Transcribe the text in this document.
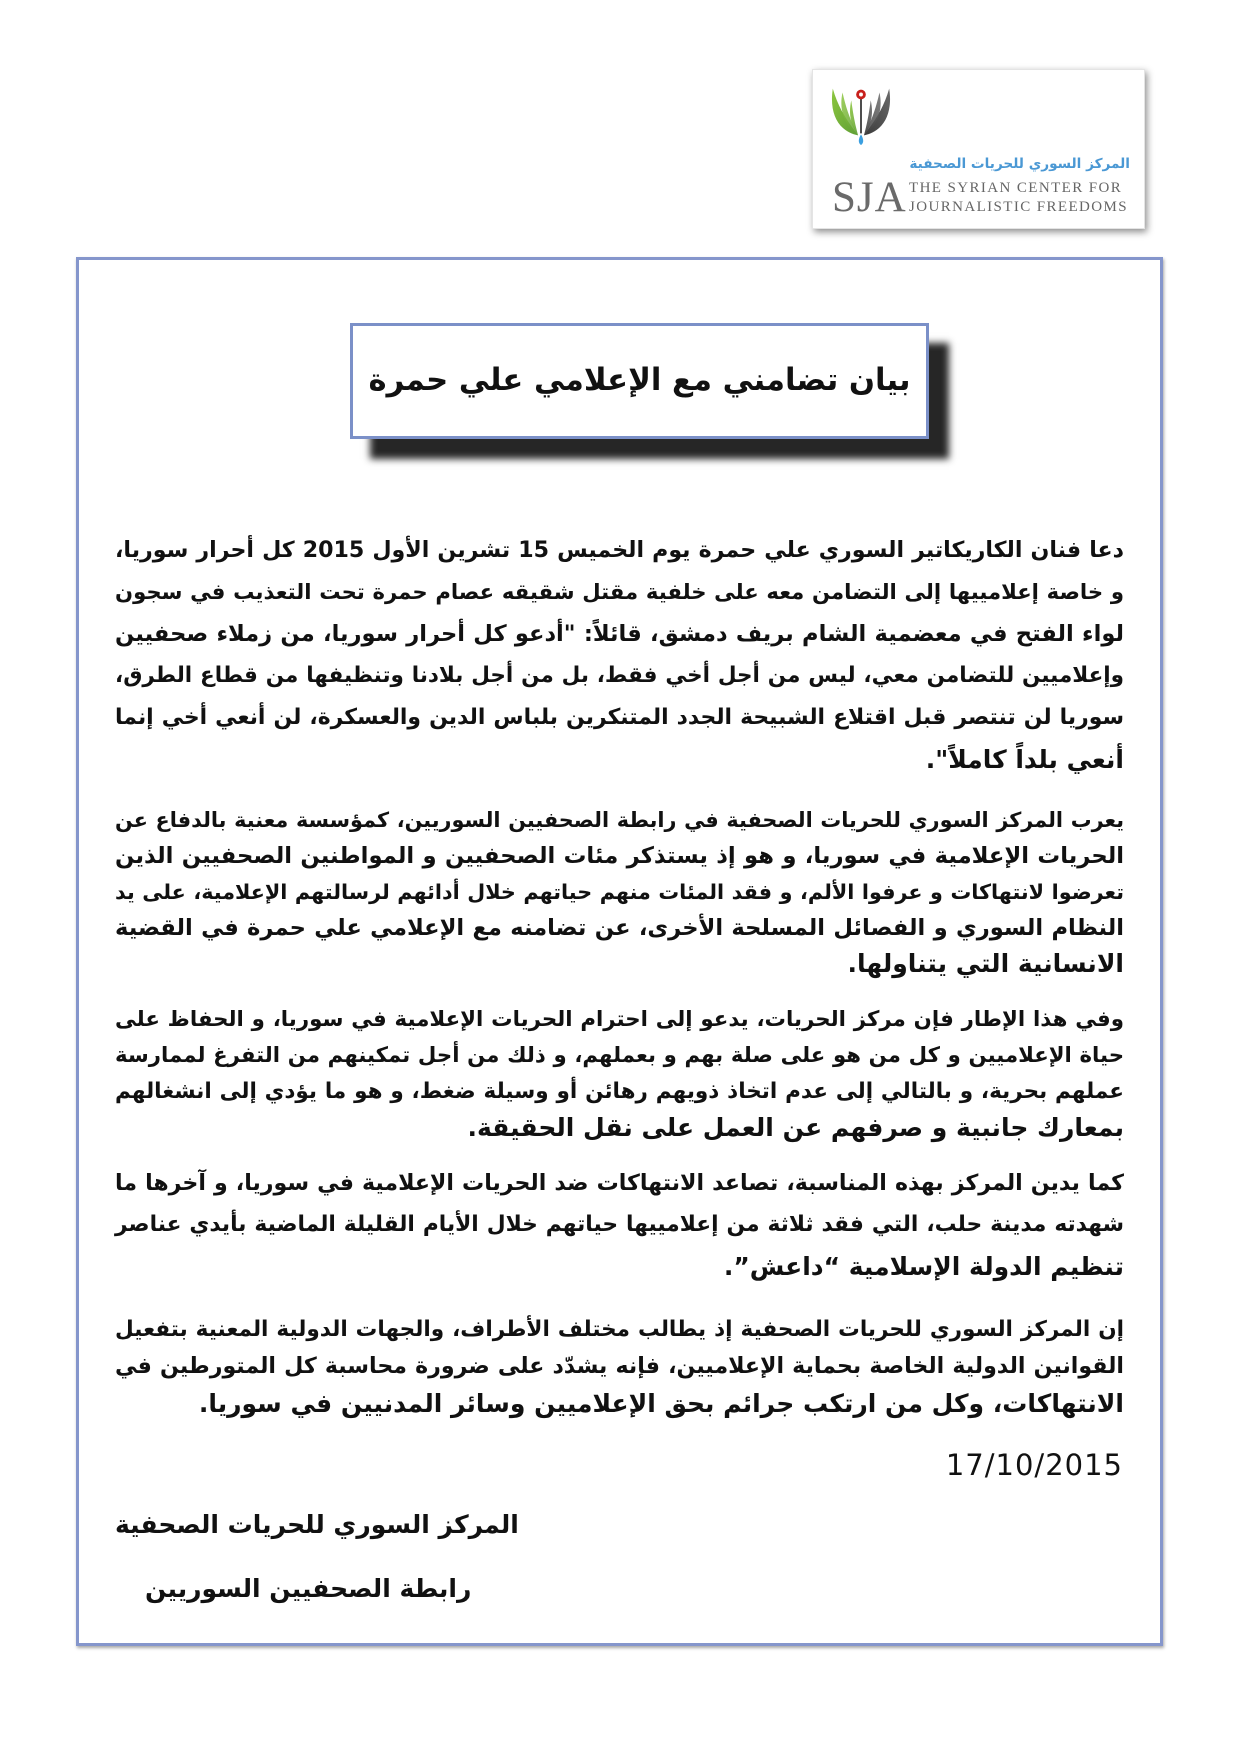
المركز السوري للحريات الصحفية
SJA THE SYRIAN CENTER FOR
JOURNALISTIC FREEDOMS
بيان تضامني مع الإعلامي علي حمرة
دعا فنان الكاريكاتير السوري علي حمرة يوم الخميس 15 تشرين الأول 2015 كل أحرار سوريا،
و خاصة إعلامييها إلى التضامن معه على خلفية مقتل شقيقه عصام حمرة تحت التعذيب في سجون
لواء الفتح في معضمية الشام بريف دمشق، قائلاً: "أدعو كل أحرار سوريا، من زملاء صحفيين
وإعلاميين للتضامن معي، ليس من أجل أخي فقط، بل من أجل بلادنا وتنظيفها من قطاع الطرق،
سوريا لن تنتصر قبل اقتلاع الشبيحة الجدد المتنكرين بلباس الدين والعسكرة، لن أنعي أخي إنما
أنعي بلداً كاملاً".
يعرب المركز السوري للحريات الصحفية في رابطة الصحفيين السوريين، كمؤسسة معنية بالدفاع عن
الحريات الإعلامية في سوريا، و هو إذ يستذكر مئات الصحفيين و المواطنين الصحفيين الذين
تعرضوا لانتهاكات و عرفوا الألم، و فقد المئات منهم حياتهم خلال أدائهم لرسالتهم الإعلامية، على يد
النظام السوري و الفصائل المسلحة الأخرى، عن تضامنه مع الإعلامي علي حمرة في القضية
الانسانية التي يتناولها.
وفي هذا الإطار فإن مركز الحريات، يدعو إلى احترام الحريات الإعلامية في سوريا، و الحفاظ على
حياة الإعلاميين و كل من هو على صلة بهم و بعملهم، و ذلك من أجل تمكينهم من التفرغ لممارسة
عملهم بحرية، و بالتالي إلى عدم اتخاذ ذويهم رهائن أو وسيلة ضغط، و هو ما يؤدي إلى انشغالهم
بمعارك جانبية و صرفهم عن العمل على نقل الحقيقة.
كما يدين المركز بهذه المناسبة، تصاعد الانتهاكات ضد الحريات الإعلامية في سوريا، و آخرها ما
شهدته مدينة حلب، التي فقد ثلاثة من إعلامييها حياتهم خلال الأيام القليلة الماضية بأيدي عناصر
تنظيم الدولة الإسلامية “داعش”.
إن المركز السوري للحريات الصحفية إذ يطالب مختلف الأطراف، والجهات الدولية المعنية بتفعيل
القوانين الدولية الخاصة بحماية الإعلاميين، فإنه يشدّد على ضرورة محاسبة كل المتورطين في
الانتهاكات، وكل من ارتكب جرائم بحق الإعلاميين وسائر المدنيين في سوريا.
17/10/2015
المركز السوري للحريات الصحفية
رابطة الصحفيين السوريين
